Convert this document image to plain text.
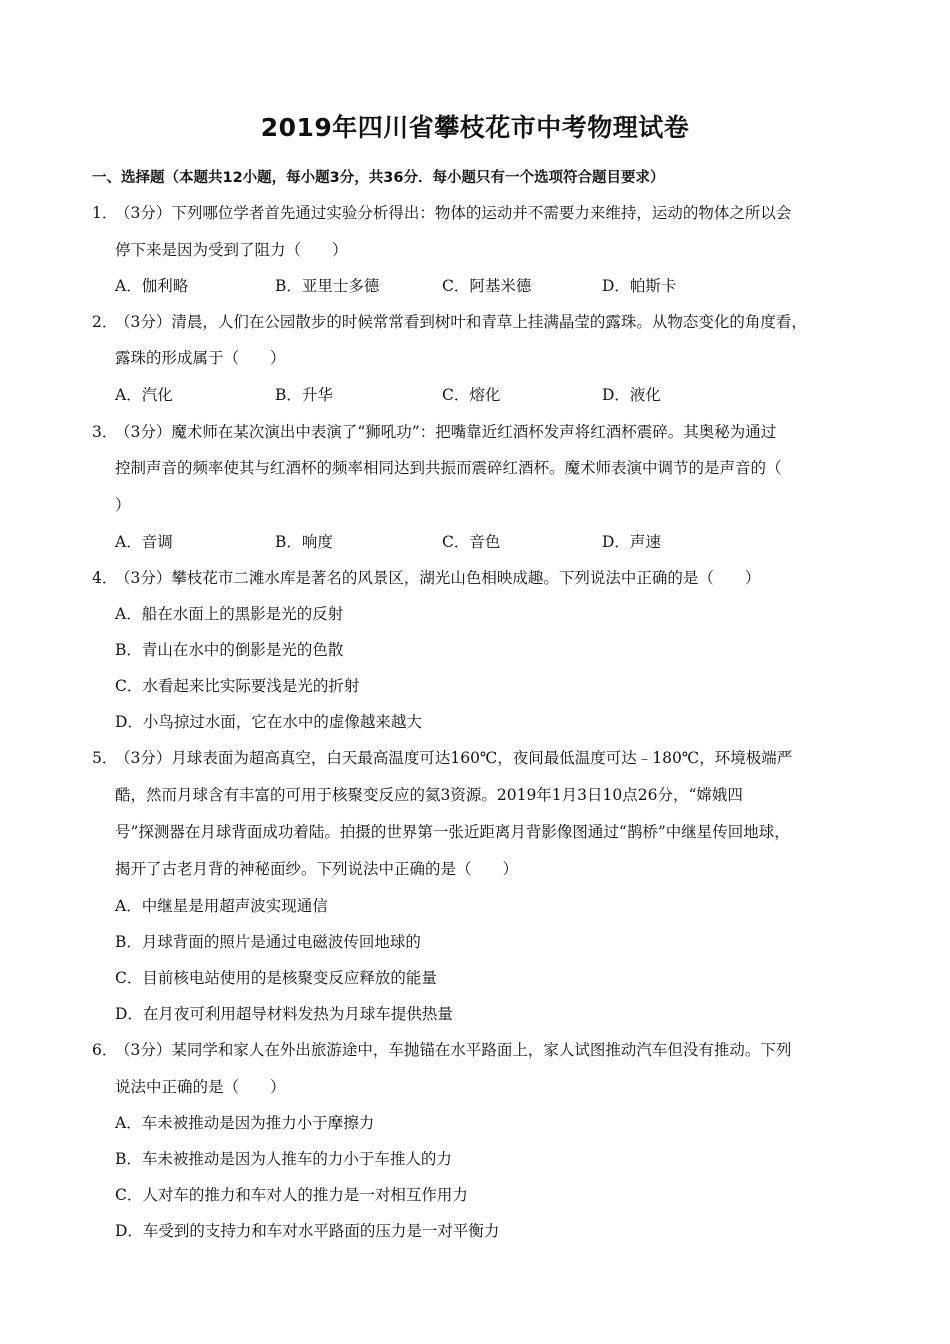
2019年四川省攀枝花市中考物理试卷
一、选择题（本题共12小题，每小题3分，共36分．每小题只有一个选项符合题目要求）
1．
（3分）下列哪位学者首先通过实验分析得出：物体的运动并不需要力来维持，运动的物体之所以会
停下来是因为受到了阻力（　　）
A．伽利略	B．亚里士多德	C．阿基米德	D．帕斯卡
2．
（3分）清晨，人们在公园散步的时候常常看到树叶和青草上挂满晶莹的露珠。从物态变化的角度看，
露珠的形成属于（　　）
A．汽化	B．升华	C．熔化	D．液化
3．
（3分）魔术师在某次演出中表演了“狮吼功”：把嘴靠近红酒杯发声将红酒杯震碎。其奥秘为通过
控制声音的频率使其与红酒杯的频率相同达到共振而震碎红酒杯。魔术师表演中调节的是声音的（
）
A．音调	B．响度	C．音色	D．声速
4．
（3分）攀枝花市二滩水库是著名的风景区，湖光山色相映成趣。下列说法中正确的是（　　）
A．船在水面上的黑影是光的反射
B．青山在水中的倒影是光的色散
C．水看起来比实际要浅是光的折射
D．小鸟掠过水面，它在水中的虚像越来越大
5．
（3分）月球表面为超高真空，白天最高温度可达160℃，夜间最低温度可达﹣180℃，环境极端严
酷，然而月球含有丰富的可用于核聚变反应的氦3资源。2019年1月3日10点26分，“嫦娥四
号”探测器在月球背面成功着陆。拍摄的世界第一张近距离月背影像图通过“鹊桥”中继星传回地球，
揭开了古老月背的神秘面纱。下列说法中正确的是（　　）
A．中继星是用超声波实现通信
B．月球背面的照片是通过电磁波传回地球的
C．目前核电站使用的是核聚变反应释放的能量
D．在月夜可利用超导材料发热为月球车提供热量
6．
（3分）某同学和家人在外出旅游途中，车抛锚在水平路面上，家人试图推动汽车但没有推动。下列
说法中正确的是（　　）
A．车未被推动是因为推力小于摩擦力
B．车未被推动是因为人推车的力小于车推人的力
C．人对车的推力和车对人的推力是一对相互作用力
D．车受到的支持力和车对水平路面的压力是一对平衡力
